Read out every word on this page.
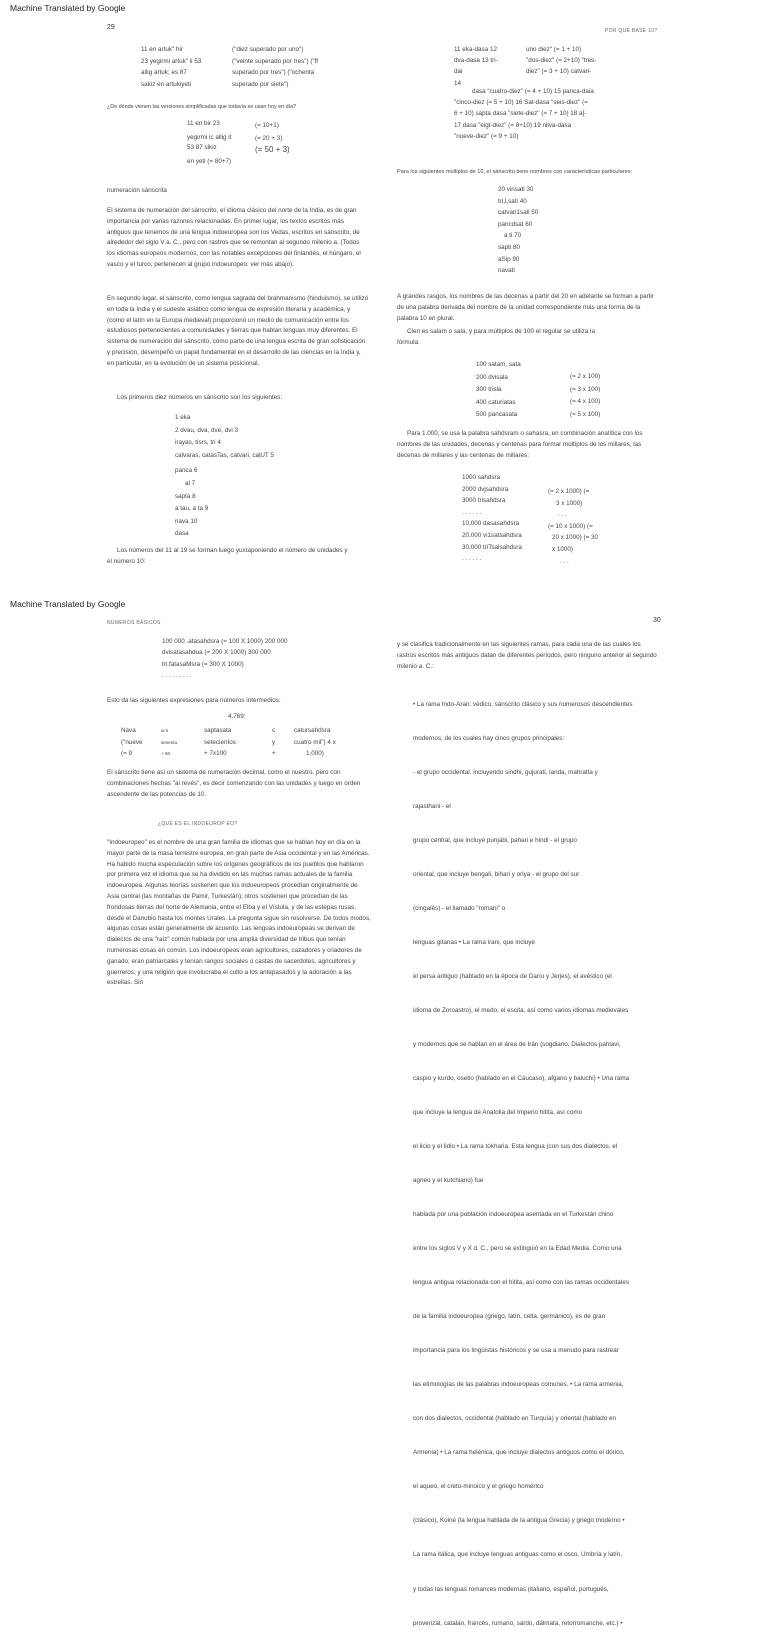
Machine Translated by Google
29	POR QUÉ BASE 10?
11 en artuk" hir
23 yegirmi artuk" ii 53
allig artuk; es 87
sakiz en artukiyeti
("diez superado por uno")
("veinte superado por tres") ("ff
superado por tres") ("ochenta
superado por siete")
¿De dónde vienen las versiones simplificadas que todavía se usan hoy en día?
11 en bir 23
yegirmi ic allig it
53 87 sikiz
en yeti (= 80+7)
(= 10+1)
(= 20 + 3)
(= 50 + 3)
numeración sánscrita
El sistema de numeración del sánscrito, el idioma clásico del norte de la India, es de gran importancia por varias razones relacionadas. En primer lugar, los textos escritos más antiguos que tenemos de una lengua indoeuropea son los Vedas, escritos en sánscrito, de alrededor del siglo V a. C., pero con rastros que se remontan al segundo milenio a. (Todos los idiomas europeos modernos, con las notables excepciones del finlandés, el húngaro, el vasco y el turco, pertenecen al grupo indoeuropeo: ver más abajo).
En segundo lugar, el sánscrito, como lengua sagrada del brahmanismo (hinduismo), se utilizó en toda la India y el sudeste asiático como lengua de expresión literaria y académica, y (como el latín en la Europa medieval) proporcionó un medio de comunicación entre los estudiosos pertenecientes a comunidades y tierras que hablan lenguas muy diferentes. El sistema de numeración del sánscrito, como parte de una lengua escrita de gran sofisticación y precisión, desempeñó un papel fundamental en el desarrollo de las ciencias en la India y, en particular, en la evolución de un sistema posicional.
Los primeros diez números en sánscrito son los siguientes:
1 eka
2 dvau, dva, dve, dvi 3
irayas, tisrs, tri 4
calvaras, catasTas, catvari, calUT 5
panca 6
al 7
sapta 8
a tau, a ta 9
nava 10
dasa
Los números del 11 al 19 se forman luego yuxtaponiendo el número de unidades y el número 10:
11 eka-dasa 12
dva-dasa 13 tri-
dai
14
uno diez" (= 1 + 10)
"dos-diez" (= 2+10) "tres-
diez" (= 3 + 10) catvari-
dasa "cuatro-diez" (= 4 + 10) 15 panca-daia
"cinco-diez (= 5 + 10) 16 Sat-dasa "seis-diez" (=
6 + 10) sapta dasa "siete-diez" (= 7 + 10) 18 a[-
17 dasa "eigt-diez" (= 8+10) 19 nilva-dasa
"nueve-diez" (= 9 + 10)
Para los siguientes múltiplos de 10, el sánscrito tiene nombres con características particulares:
20 vinsati 30
tri,l,sati 40
catvari1sali 50
pancdsat 60
a ti 70
sapti 80
aSip 90
navati
A grandes rasgos, los nombres de las decenas a partir del 20 en adelante se forman a partir de una palabra derivada del nombre de la unidad correspondiente más una forma de la palabra 10 en plural.
Cien es salam o sala, y para múltiplos de 100 el regular se utiliza la fórmula:
100 satam, sata
200 dvisala
300 trisla
400 caturiatas
500 pancasata
(= 2 x 100)
(= 3 x 100)
(= 4 x 100)
(= 5 x 100)
Para 1.000, se usa la palabra sahdsram o sahasra, en combinación analítica con los nombres de las unidades, decenas y centenas para formar múltiplos de los millares, las decenas de millares y las centenas de millares:
1000 sahdsra
2000 dvjsahdsra
3000 trisahdsra
. . . . . .
10,000 dasasahdsra
20,000 vi1satsahdsra
30,000 triTsalsahdsra
. . . . . .
(= 2 x 1000) (=
3 x 1000)
. . .
(= 10 x 1000) (=
20 x 1000) (= 30
x 1000)
. . .
Machine Translated by Google
NÚMEROS BÁSICOS	30
100 000 .atasahdsra (= 100 X 1000) 200 000
dvisatasahdua (= 200 X 1000) 300 000
tri.fatasaMsra (= 300 X 1000)
. . . . . . . . .
Esto da las siguientes expresiones para números intermedios:
4.769:
Nava
("nueve
(= 9
ai ti
sesenta
+ 60
saptasata
setecientos
+ 7x100
c
y
+
catursahdsra
cuatro mil") 4 x
1,000)
El sánscrito tiene así un sistema de numeración decimal, como el nuestro, pero con combinaciones hechas "al revés", es decir comenzando con las unidades y luego en orden ascendente de las potencias de 10.
¿QUÉ ES EL INDOEUROP EO?
"Indoeuropeo" es el nombre de una gran familia de idiomas que se hablan hoy en día en la mayor parte de la masa terrestre europea, en gran parte de Asia occidental y en las Américas. Ha habido mucha especulación sobre los orígenes geográficos de los pueblos que hablaron por primera vez el idioma que se ha dividido en las muchas ramas actuales de la familia indoeuropea. Algunas teorías sostienen que los indoeuropeos procedían originalmente de Asia central (las montañas de Pamir, Turkestán); otros sostienen que procedían de las frondosas tierras del norte de Alemania, entre el Elba y el Vístula, y de las estepas rusas, desde el Danubio hasta los montes Urales. La pregunta sigue sin resolverse. De todos modos, algunas cosas están generalmente de acuerdo. Las lenguas indoeuropeas se derivan de dialectos de una "raíz" común hablada por una amplia diversidad de tribus que tenían numerosas cosas en común. Los indoeuropeos eran agricultores, cazadores y criadores de ganado; eran patriarcales y tenían rangos sociales o castas de sacerdotes, agricultores y guerreros; y una religión que involucraba el culto a los antepasados y la adoración a las estrellas. Sin
y se clasifica tradicionalmente en las siguientes ramas, para cada una de las cuales los rastros escritos más antiguos datan de diferentes períodos, pero ninguno anterior al segundo milenio a. C.:

• La rama Indo-Aran: védico, sánscrito clásico y sus numerosos descendientes

modernos, de los cuales hay cinco grupos principales:

- el grupo occidental. incluyendo sindhi, gujurati, landa, mahratta y

rajasthani - el

grupo central, que incluye punjabi, pahari e hindi - el grupo

oriental, que incluye bengali, bihari y oriya - el grupo del sur

(cingalés) - el llamado "romani" o

lenguas gitanas • La rama irani, que incluye

el persa antiguo (hablado en la época de Darío y Jerjes), el avéstico (el

idioma de Zoroastro), el medo, el escita, así como varios idiomas medievales

y modernos que se hablan en el área de Irán (sogdiano, Dialectos pahlavi,

caspio y kurdo, osetio (hablado en el Cáucaso), afgano y baluchi) • Una rama

que incluye la lengua de Anatolia del Imperio hitita, así como

el licio y el lidio • La rama tokharia. Esta lengua (con sus dos dialectos, el

agneo y el kutchiano) fue

hablada por una población indoeuropea asentada en el Turkestán chino

entre los siglos V y X d. C., pero se extinguió en la Edad Media. Como una

lengua antigua relacionada con el hitita, así como con las ramas occidentales

de la familia indoeuropea (griego, latín, celta, germánico), es de gran

importancia para los lingüistas históricos y se usa a menudo para rastrear

las etimologías de las palabras indoeuropeas comunes. • La rama armenia,

con dos dialectos, occidental (hablado en Turquía) y oriental (hablado en

Armenia) • La rama helénica, que incluye dialectos antiguos como el dórico,

el aqueo, el creto-minoico y el griego homérico

(clásico), Koiné (la lengua hablada de la antigua Grecia) y griego moderno •

La rama itálica, que incluye lenguas antiguas como el osco. Umbría y latín,

y todas las lenguas romances modernas (italiano, español, portugués,

provenzal, catalán, francés, rumano, sardo, dálmata, retorromanche, etc.) •
